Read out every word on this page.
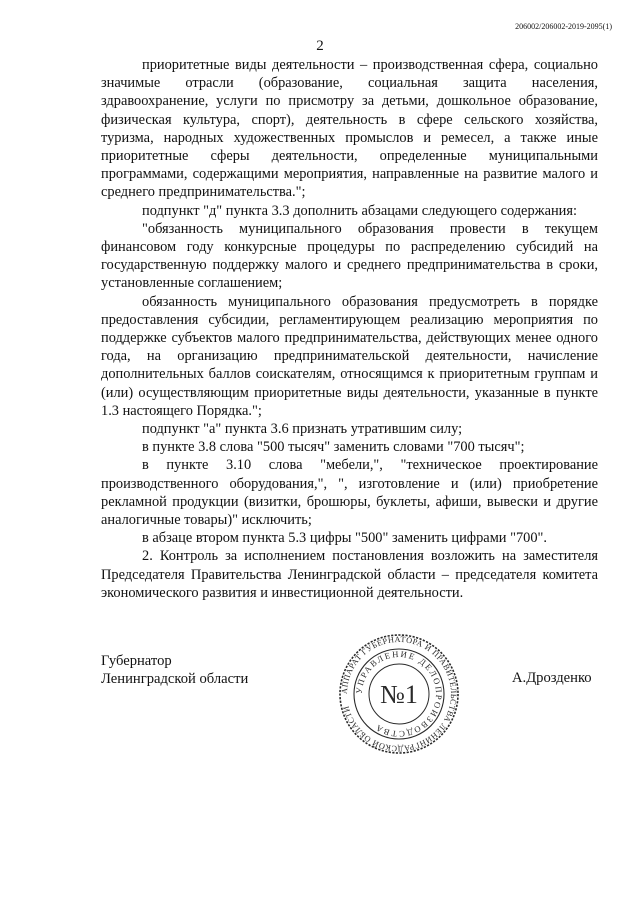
206002/206002-2019-2095(1)
2

приоритетные виды деятельности – производственная сфера, социально значимые отрасли (образование, социальная защита населения, здравоохранение, услуги по присмотру за детьми, дошкольное образование, физическая культура, спорт), деятельность в сфере сельского хозяйства, туризма, народных художественных промыслов и ремесел, а также иные приоритетные сферы деятельности, определенные муниципальными программами, содержащими мероприятия, направленные на развитие малого и среднего предпринимательства.";

подпункт "д" пункта 3.3 дополнить абзацами следующего содержания:

"обязанность муниципального образования провести в текущем финансовом году конкурсные процедуры по распределению субсидий на государственную поддержку малого и среднего предпринимательства в сроки, установленные соглашением;

обязанность муниципального образования предусмотреть в порядке предоставления субсидии, регламентирующем реализацию мероприятия по поддержке субъектов малого предпринимательства, действующих менее одного года, на организацию предпринимательской деятельности, начисление дополнительных баллов соискателям, относящимся к приоритетным группам и (или) осуществляющим приоритетные виды деятельности, указанные в пункте 1.3 настоящего Порядка.";

подпункт "а" пункта 3.6 признать утратившим силу;

в пункте 3.8 слова "500 тысяч" заменить словами "700 тысяч";

в пункте 3.10 слова "мебели,", "техническое проектирование производственного оборудования,", ", изготовление и (или) приобретение рекламной продукции (визитки, брошюры, буклеты, афиши, вывески и другие аналогичные товары)" исключить;

в абзаце втором пункта 5.3 цифры "500" заменить цифрами "700".

2. Контроль за исполнением постановления возложить на заместителя Председателя Правительства Ленинградской области – председателя комитета экономического развития и инвестиционной деятельности.

Губернатор
Ленинградской области	А.Дрозденко
АППАРАТ ГУБЕРНАТОРА И ПРАВИТЕЛЬСТВА ЛЕНИНГРАДСКОЙ ОБЛАСТИ
УПРАВЛЕНИЕ ДЕЛОПРОИЗВОДСТВА
№1
